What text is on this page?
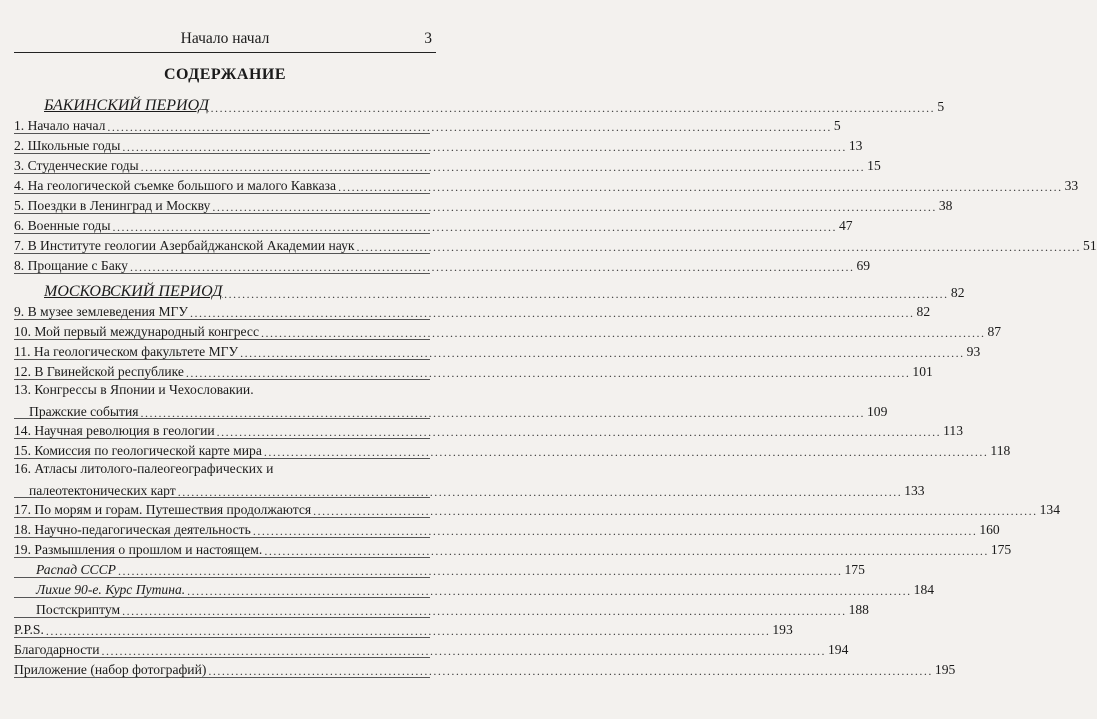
Начало начал	3
СОДЕРЖАНИЕ
БАКИНСКИЙ ПЕРИОД ................................................................................................................................................................. 5
1. Начало начал ................................................................................................................................................................. 5
2. Школьные годы ................................................................................................................................................................. 13
3. Студенческие годы ................................................................................................................................................................. 15
4. На геологической съемке большого и малого Кавказа ................................................................................................................................................................. 33
5. Поездки в Ленинград и Москву ................................................................................................................................................................. 38
6. Военные годы ................................................................................................................................................................. 47
7. В Институте геологии Азербайджанской Академии наук ................................................................................................................................................................. 51
8. Прощание с Баку ................................................................................................................................................................. 69
МОСКОВСКИЙ ПЕРИОД ................................................................................................................................................................. 82
9. В музее землеведения МГУ ................................................................................................................................................................. 82
10. Мой первый международный конгресс ................................................................................................................................................................. 87
11. На геологическом факультете МГУ ................................................................................................................................................................. 93
12. В Гвинейской республике ................................................................................................................................................................. 101
13. Конгрессы в Японии и Чехословакии.
Пражские события ................................................................................................................................................................. 109
14. Научная революция в геологии ................................................................................................................................................................. 113
15. Комиссия по геологической карте мира ................................................................................................................................................................. 118
16. Атласы литолого-палеогеографических и
палеотектонических карт ................................................................................................................................................................. 133
17. По морям и горам. Путешествия продолжаются ................................................................................................................................................................. 134
18. Научно-педагогическая деятельность ................................................................................................................................................................. 160
19. Размышления о прошлом и настоящем. ................................................................................................................................................................. 175
Распад СССР ................................................................................................................................................................. 175
Лихие 90-е. Курс Путина. ................................................................................................................................................................. 184
Постскриптум ................................................................................................................................................................. 188
P.P.S. ................................................................................................................................................................. 193
Благодарности ................................................................................................................................................................. 194
Приложение (набор фотографий) ................................................................................................................................................................. 195
